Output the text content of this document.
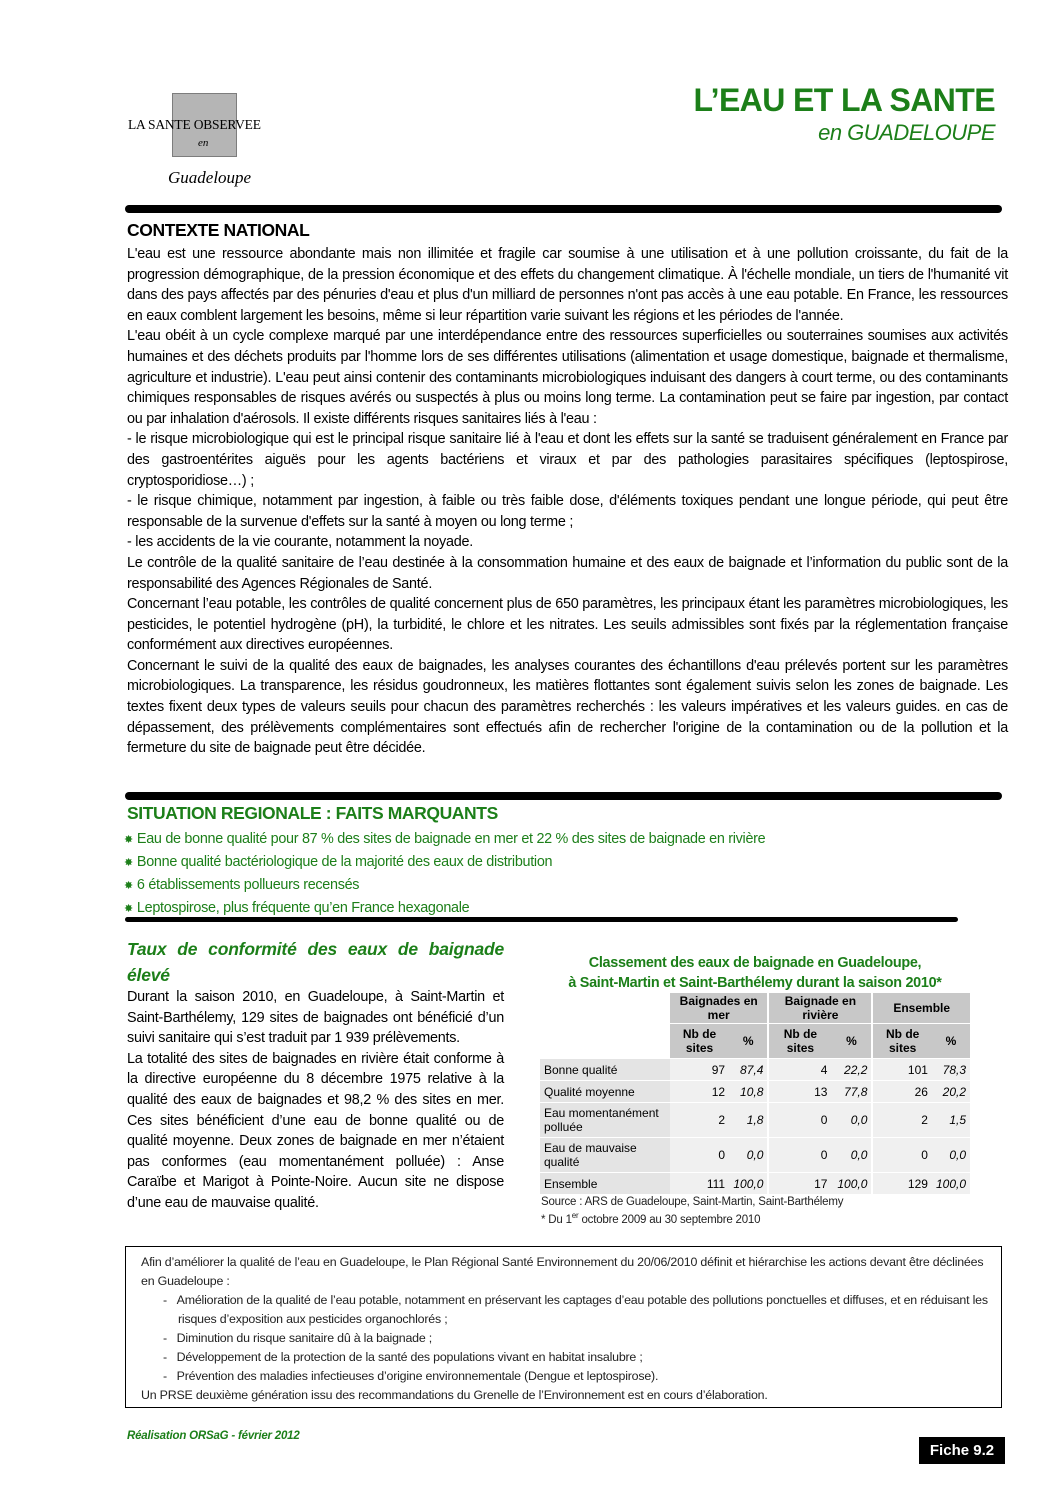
LA SANTE OBSERVEE
en
Guadeloupe
L’EAU ET LA SANTE
en GUADELOUPE
CONTEXTE NATIONAL

L'eau est une ressource abondante mais non illimitée et fragile car soumise à une utilisation et à une pollution croissante, du fait de la progression démographique, de la pression économique et des effets du changement climatique. À l'échelle mondiale, un tiers de l'humanité vit dans des pays affectés par des pénuries d'eau et plus d'un milliard de personnes n'ont pas accès à une eau potable. En France, les ressources en eaux comblent largement les besoins, même si leur répartition varie suivant les régions et les périodes de l'année.

L'eau obéit à un cycle complexe marqué par une interdépendance entre des ressources superficielles ou souterraines soumises aux activités humaines et des déchets produits par l'homme lors de ses différentes utilisations (alimentation et usage domestique, baignade et thermalisme, agriculture et industrie). L'eau peut ainsi contenir des contaminants microbiologiques induisant des dangers à court terme, ou des contaminants chimiques responsables de risques avérés ou suspectés à plus ou moins long terme. La contamination peut se faire par ingestion, par contact ou par inhalation d'aérosols. Il existe différents risques sanitaires liés à l'eau :

- le risque microbiologique qui est le principal risque sanitaire lié à l'eau et dont les effets sur la santé se traduisent généralement en France par des gastroentérites aiguës pour les agents bactériens et viraux et par des pathologies parasitaires spécifiques (leptospirose, cryptosporidiose…) ;

- le risque chimique, notamment par ingestion, à faible ou très faible dose, d'éléments toxiques pendant une longue période, qui peut être responsable de la survenue d'effets sur la santé à moyen ou long terme ;

- les accidents de la vie courante, notamment la noyade.

Le contrôle de la qualité sanitaire de l’eau destinée à la consommation humaine et des eaux de baignade et l’information du public sont de la responsabilité des Agences Régionales de Santé.

Concernant l’eau potable, les contrôles de qualité concernent plus de 650 paramètres, les principaux étant les paramètres microbiologiques, les pesticides, le potentiel hydrogène (pH), la turbidité, le chlore et les nitrates. Les seuils admissibles sont fixés par la réglementation française conformément aux directives européennes.

Concernant le suivi de la qualité des eaux de baignades, les analyses courantes des échantillons d'eau prélevés portent sur les paramètres microbiologiques. La transparence, les résidus goudronneux, les matières flottantes sont également suivis selon les zones de baignade. Les textes fixent deux types de valeurs seuils pour chacun des paramètres recherchés : les valeurs impératives et les valeurs guides. en cas de dépassement, des prélèvements complémentaires sont effectués afin de rechercher l'origine de la contamination ou de la pollution et la fermeture du site de baignade peut être décidée.

SITUATION REGIONALE : FAITS MARQUANTS
✸ Eau de bonne qualité pour 87 % des sites de baignade en mer et 22 % des sites de baignade en rivière
✸ Bonne qualité bactériologique de la majorité des eaux de distribution
✸ 6 établissements pollueurs recensés
✸ Leptospirose, plus fréquente qu’en France hexagonale
Taux de conformité des eaux de baignade élevé

Durant la saison 2010, en Guadeloupe, à Saint-Martin et Saint-Barthélemy, 129 sites de baignades ont bénéficié d’un suivi sanitaire qui s’est traduit par 1 939 prélèvements.

La totalité des sites de baignades en rivière était conforme à la directive européenne du 8 décembre 1975 relative à la qualité des eaux de baignades et 98,2 % des sites en mer. Ces sites bénéficient d’une eau de bonne qualité ou de qualité moyenne. Deux zones de baignade en mer n’étaient pas conformes (eau momentanément polluée) : Anse Caraïbe et Marigot à Pointe-Noire. Aucun site ne dispose d’une eau de mauvaise qualité.

Classement des eaux de baignade en Guadeloupe,
à Saint-Martin et Saint-Barthélemy durant la saison 2010*
	Baignades en mer		Baignade en rivière		Ensemble	
	Nb de sites	%	Nb de sites	%	Nb de sites	%
Bonne qualité	97	87,4	4	22,2	101	78,3
Qualité moyenne	12	10,8	13	77,8	26	20,2
Eau momentanément polluée	2	1,8	0	0,0	2	1,5
Eau de mauvaise qualité	0	0,0	0	0,0	0	0,0
Ensemble	111	100,0	17	100,0	129	100,0
Source : ARS de Guadeloupe, Saint-Martin, Saint-Barthélemy
* Du 1er octobre 2009 au 30 septembre 2010

Afin d’améliorer la qualité de l’eau en Guadeloupe, le Plan Régional Santé Environnement du 20/06/2010 définit et hiérarchise les actions devant être déclinées en Guadeloupe :

-   Amélioration de la qualité de l’eau potable, notamment en préservant les captages d’eau potable des pollutions ponctuelles et diffuses, et en réduisant les risques d’exposition aux pesticides organochlorés ;

-   Diminution du risque sanitaire dû à la baignade ;

-   Développement de la protection de la santé des populations vivant en habitat insalubre ;

-   Prévention des maladies infectieuses d’origine environnementale (Dengue et leptospirose).

Un PRSE deuxième génération issu des recommandations du Grenelle de l’Environnement est en cours d’élaboration.

Réalisation ORSaG - février 2012
Fiche 9.2
